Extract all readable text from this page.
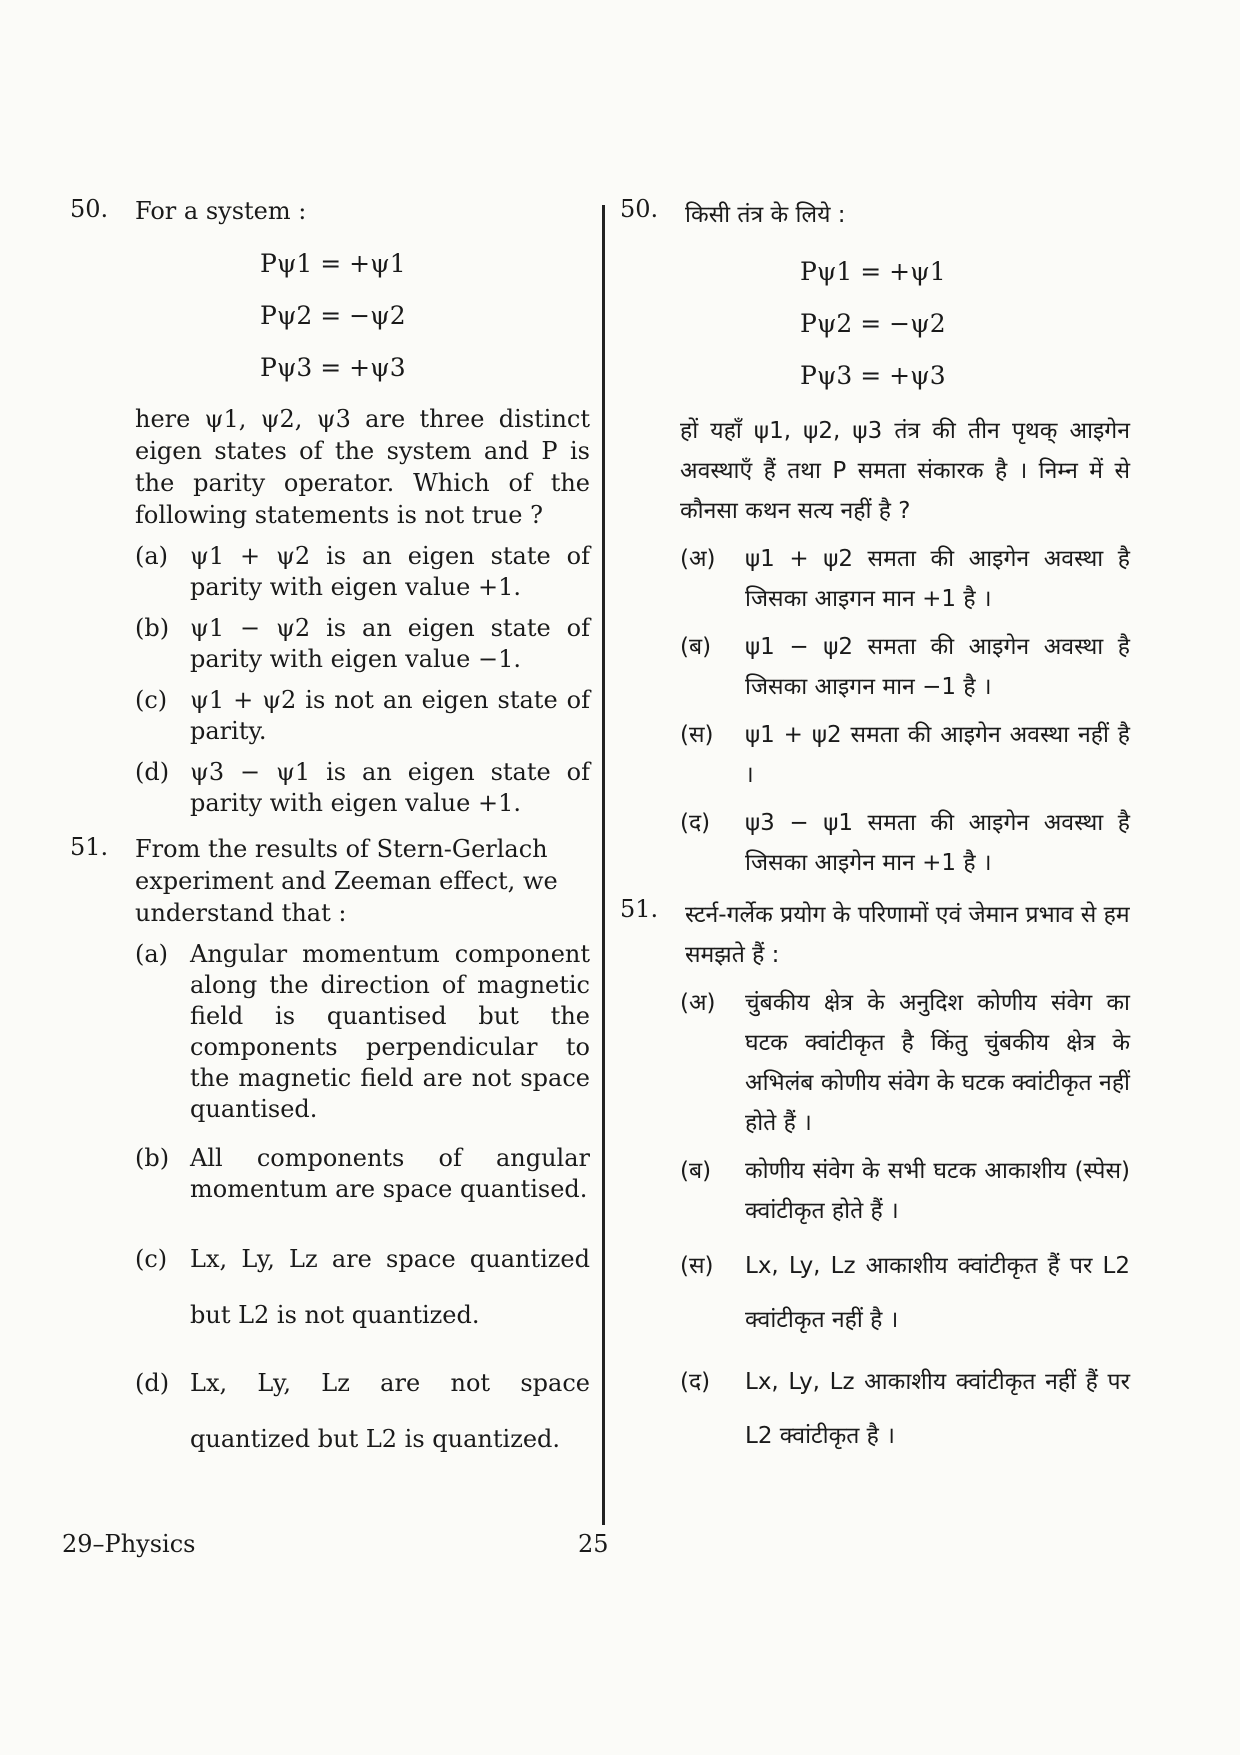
50. For a system :
Pψ1 = +ψ1
Pψ2 = −ψ2
Pψ3 = +ψ3
here ψ1, ψ2, ψ3 are three distinct eigen states of the system and P is the parity operator. Which of the following statements is not true ?
(a) ψ1 + ψ2 is an eigen state of parity with eigen value +1.
(b) ψ1 − ψ2 is an eigen state of parity with eigen value −1.
(c) ψ1 + ψ2 is not an eigen state of parity.
(d) ψ3 − ψ1 is an eigen state of parity with eigen value +1.
51. From the results of Stern-Gerlach experiment and Zeeman effect, we understand that :
(a) Angular momentum component along the direction of magnetic field is quantised but the components perpendicular to the magnetic field are not space quantised.
(b) All components of angular momentum are space quantised.
(c) Lx, Ly, Lz are space quantized but L2 is not quantized.
(d) Lx, Ly, Lz are not space quantized but L2 is quantized.
50. किसी तंत्र के लिये :
Pψ1 = +ψ1
Pψ2 = −ψ2
Pψ3 = +ψ3
हों यहाँ ψ1, ψ2, ψ3 तंत्र की तीन पृथक् आइगेन अवस्थाएँ हैं तथा P समता संकारक है । निम्न में से कौनसा कथन सत्य नहीं है ?
(अ) ψ1 + ψ2 समता की आइगेन अवस्था है जिसका आइगन मान +1 है ।
(ब) ψ1 − ψ2 समता की आइगेन अवस्था है जिसका आइगन मान −1 है ।
(स) ψ1 + ψ2 समता की आइगेन अवस्था नहीं है ।
(द) ψ3 − ψ1 समता की आइगेन अवस्था है जिसका आइगेन मान +1 है ।
51. स्टर्न-गर्लेक प्रयोग के परिणामों एवं जेमान प्रभाव से हम समझते हैं :
(अ) चुंबकीय क्षेत्र के अनुदिश कोणीय संवेग का घटक क्वांटीकृत है किंतु चुंबकीय क्षेत्र के अभिलंब कोणीय संवेग के घटक क्वांटीकृत नहीं होते हैं ।
(ब) कोणीय संवेग के सभी घटक आकाशीय (स्पेस) क्वांटीकृत होते हैं ।
(स) Lx, Ly, Lz आकाशीय क्वांटीकृत हैं पर L2 क्वांटीकृत नहीं है ।
(द) Lx, Ly, Lz आकाशीय क्वांटीकृत नहीं हैं पर L2 क्वांटीकृत है ।
29–Physics	25
